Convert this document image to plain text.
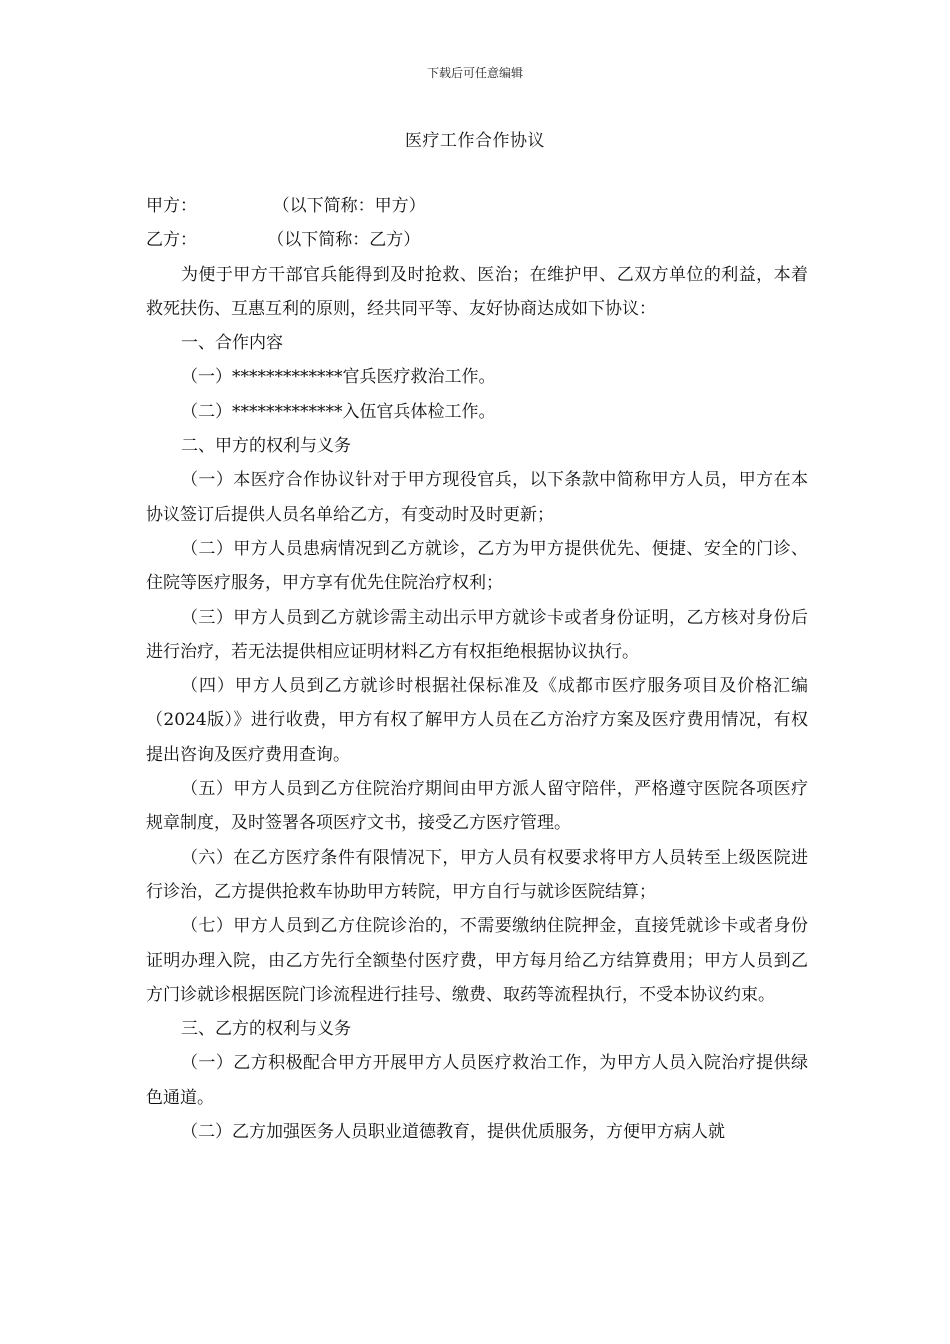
下载后可任意编辑
医疗工作合作协议

甲方：              （以下简称：甲方）

乙方：             （以下简称：乙方）

为便于甲方干部官兵能得到及时抢救、医治；在维护甲、乙双方单位的利益，本着救死扶伤、互惠互利的原则，经共同平等、友好协商达成如下协议：

一、合作内容

（一）*************官兵医疗救治工作。

（二）*************入伍官兵体检工作。

二、甲方的权利与义务

（一）本医疗合作协议针对于甲方现役官兵，以下条款中简称甲方人员，甲方在本协议签订后提供人员名单给乙方，有变动时及时更新；

（二）甲方人员患病情况到乙方就诊，乙方为甲方提供优先、便捷、安全的门诊、住院等医疗服务，甲方享有优先住院治疗权利；

（三）甲方人员到乙方就诊需主动出示甲方就诊卡或者身份证明，乙方核对身份后进行治疗，若无法提供相应证明材料乙方有权拒绝根据协议执行。

（四）甲方人员到乙方就诊时根据社保标准及《成都市医疗服务项目及价格汇编（2024版）》进行收费，甲方有权了解甲方人员在乙方治疗方案及医疗费用情况，有权提出咨询及医疗费用查询。

（五）甲方人员到乙方住院治疗期间由甲方派人留守陪伴，严格遵守医院各项医疗规章制度，及时签署各项医疗文书，接受乙方医疗管理。

（六）在乙方医疗条件有限情况下，甲方人员有权要求将甲方人员转至上级医院进行诊治，乙方提供抢救车协助甲方转院，甲方自行与就诊医院结算；

（七）甲方人员到乙方住院诊治的，不需要缴纳住院押金，直接凭就诊卡或者身份证明办理入院，由乙方先行全额垫付医疗费，甲方每月给乙方结算费用；甲方人员到乙方门诊就诊根据医院门诊流程进行挂号、缴费、取药等流程执行，不受本协议约束。

三、乙方的权利与义务

（一）乙方积极配合甲方开展甲方人员医疗救治工作，为甲方人员入院治疗提供绿色通道。

（二）乙方加强医务人员职业道德教育，提供优质服务，方便甲方病人就
